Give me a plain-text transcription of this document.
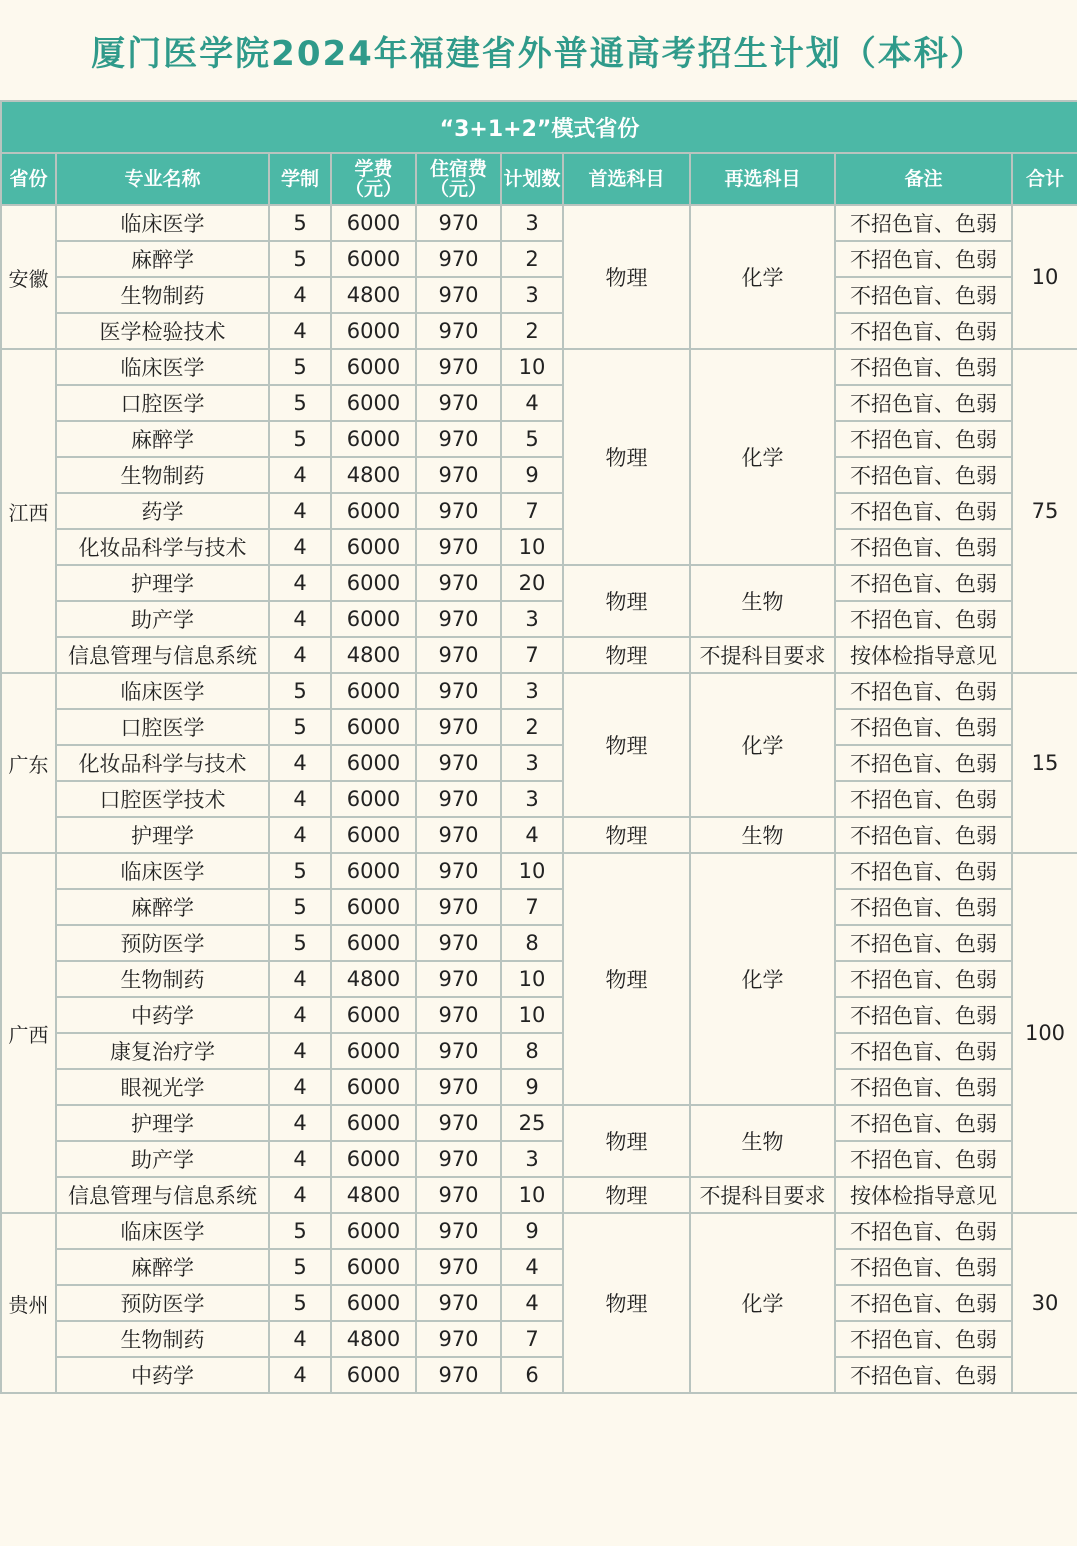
厦门医学院2024年福建省外普通高考招生计划（本科）
“3+1+2”模式省份									
省份	专业名称	学制	学费（元）	住宿费（元）	计划数	首选科目	再选科目	备注	合计
安徽	临床医学	5	6000	970	3	物理	化学	不招色盲、色弱	10
	麻醉学	5	6000	970	2			不招色盲、色弱	
	生物制药	4	4800	970	3			不招色盲、色弱	
	医学检验技术	4	6000	970	2			不招色盲、色弱	
江西	临床医学	5	6000	970	10	物理	化学	不招色盲、色弱	75
	口腔医学	5	6000	970	4			不招色盲、色弱	
	麻醉学	5	6000	970	5			不招色盲、色弱	
	生物制药	4	4800	970	9			不招色盲、色弱	
	药学	4	6000	970	7			不招色盲、色弱	
	化妆品科学与技术	4	6000	970	10			不招色盲、色弱	
	护理学	4	6000	970	20	物理	生物	不招色盲、色弱	
	助产学	4	6000	970	3			不招色盲、色弱	
	信息管理与信息系统	4	4800	970	7	物理	不提科目要求	按体检指导意见	
广东	临床医学	5	6000	970	3	物理	化学	不招色盲、色弱	15
	口腔医学	5	6000	970	2			不招色盲、色弱	
	化妆品科学与技术	4	6000	970	3			不招色盲、色弱	
	口腔医学技术	4	6000	970	3			不招色盲、色弱	
	护理学	4	6000	970	4	物理	生物	不招色盲、色弱	
广西	临床医学	5	6000	970	10	物理	化学	不招色盲、色弱	100
	麻醉学	5	6000	970	7			不招色盲、色弱	
	预防医学	5	6000	970	8			不招色盲、色弱	
	生物制药	4	4800	970	10			不招色盲、色弱	
	中药学	4	6000	970	10			不招色盲、色弱	
	康复治疗学	4	6000	970	8			不招色盲、色弱	
	眼视光学	4	6000	970	9			不招色盲、色弱	
	护理学	4	6000	970	25	物理	生物	不招色盲、色弱	
	助产学	4	6000	970	3			不招色盲、色弱	
	信息管理与信息系统	4	4800	970	10	物理	不提科目要求	按体检指导意见	
贵州	临床医学	5	6000	970	9	物理	化学	不招色盲、色弱	30
	麻醉学	5	6000	970	4			不招色盲、色弱	
	预防医学	5	6000	970	4			不招色盲、色弱	
	生物制药	4	4800	970	7			不招色盲、色弱	
	中药学	4	6000	970	6			不招色盲、色弱	
